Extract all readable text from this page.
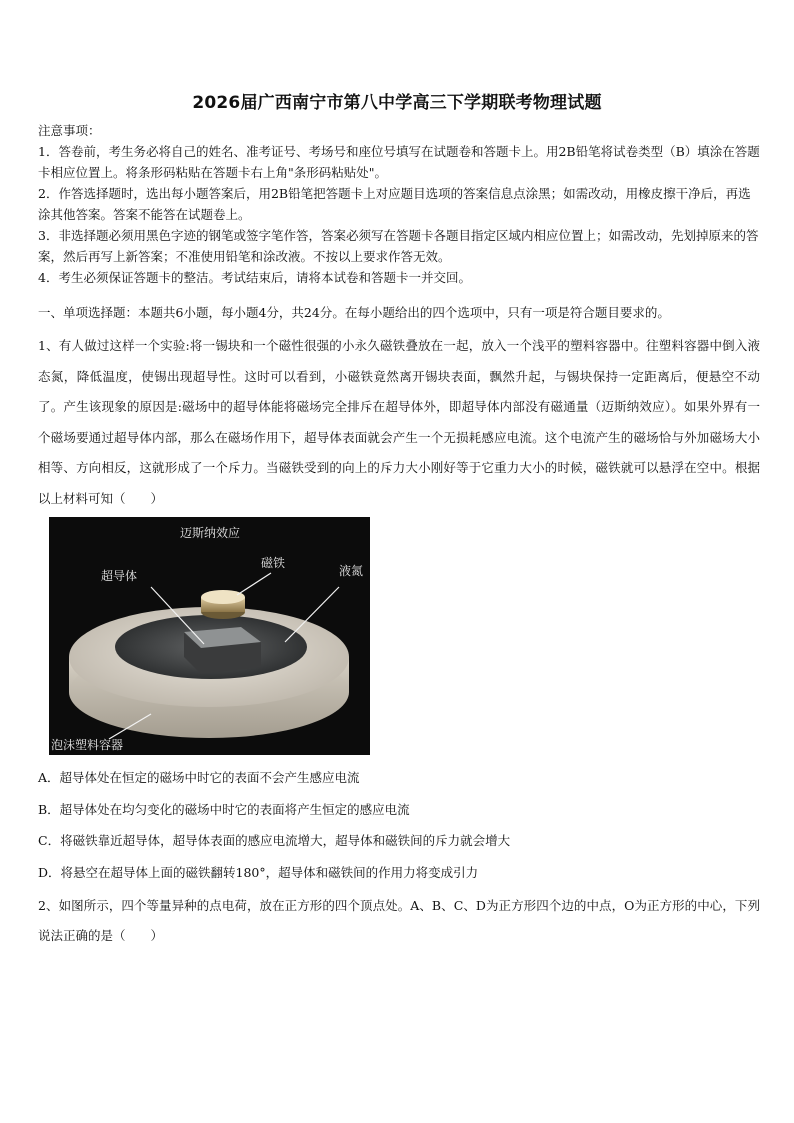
2026届广西南宁市第八中学高三下学期联考物理试题

注意事项：

1．答卷前，考生务必将自己的姓名、准考证号、考场号和座位号填写在试题卷和答题卡上。用2B铅笔将试卷类型（B）填涂在答题卡相应位置上。将条形码粘贴在答题卡右上角"条形码粘贴处"。

2．作答选择题时，选出每小题答案后，用2B铅笔把答题卡上对应题目选项的答案信息点涂黑；如需改动，用橡皮擦干净后，再选涂其他答案。答案不能答在试题卷上。

3．非选择题必须用黑色字迹的钢笔或签字笔作答，答案必须写在答题卡各题目指定区域内相应位置上；如需改动，先划掉原来的答案，然后再写上新答案；不准使用铅笔和涂改液。不按以上要求作答无效。

4．考生必须保证答题卡的整洁。考试结束后，请将本试卷和答题卡一并交回。

一、单项选择题：本题共6小题，每小题4分，共24分。在每小题给出的四个选项中，只有一项是符合题目要求的。
1、有人做过这样一个实验:将一锡块和一个磁性很强的小永久磁铁叠放在一起，放入一个浅平的塑料容器中。往塑料容器中倒入液态氮，降低温度，使锡出现超导性。这时可以看到，小磁铁竟然离开锡块表面，飘然升起，与锡块保持一定距离后，便悬空不动了。产生该现象的原因是:磁场中的超导体能将磁场完全排斥在超导体外，即超导体内部没有磁通量（迈斯纳效应）。如果外界有一个磁场要通过超导体内部，那么在磁场作用下，超导体表面就会产生一个无损耗感应电流。这个电流产生的磁场恰与外加磁场大小相等、方向相反，这就形成了一个斥力。当磁铁受到的向上的斥力大小刚好等于它重力大小的时候，磁铁就可以悬浮在空中。根据以上材料可知（　　）
迈斯纳效应
超导体
磁铁
液氮
泡沫塑料容器

A．超导体处在恒定的磁场中时它的表面不会产生感应电流

B．超导体处在均匀变化的磁场中时它的表面将产生恒定的感应电流

C．将磁铁靠近超导体，超导体表面的感应电流增大，超导体和磁铁间的斥力就会增大

D．将悬空在超导体上面的磁铁翻转180°，超导体和磁铁间的作用力将变成引力

2、如图所示，四个等量异种的点电荷，放在正方形的四个顶点处。A、B、C、D为正方形四个边的中点，O为正方形的中心，下列说法正确的是（　　）
